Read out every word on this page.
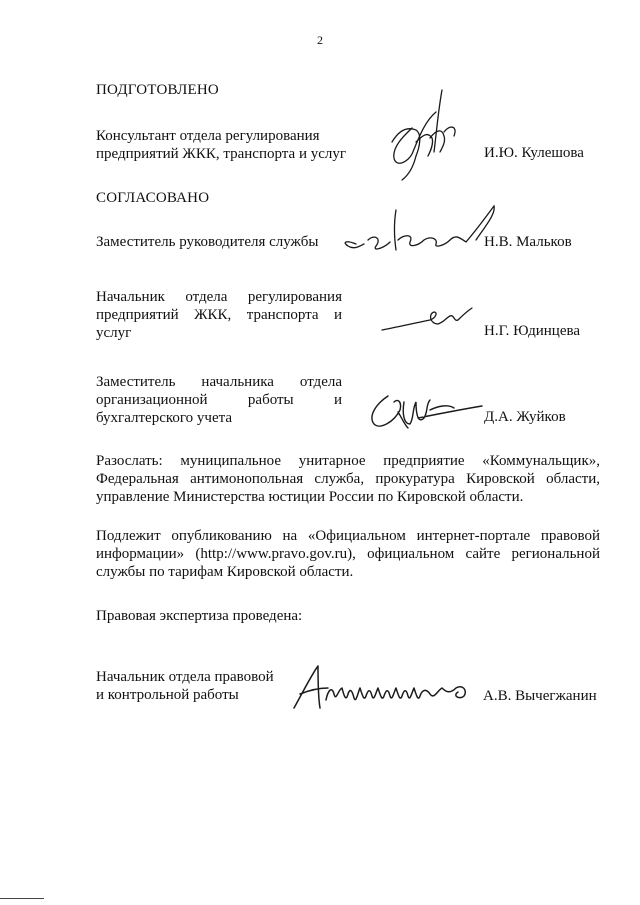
2
ПОДГОТОВЛЕНО
Консультант отдела регулирования предприятий ЖКК, транспорта и услуг	И.Ю. Кулешова
СОГЛАСОВАНО
Заместитель руководителя службы	Н.В. Мальков
Начальник отдела регулирования
предприятий ЖКК, транспорта и
услуг	Н.Г. Юдинцева
Заместитель начальника отдела
организационной работы и
бухгалтерского учета	Д.А. Жуйков
Разослать: муниципальное унитарное предприятие «Коммунальщик», Федеральная антимонопольная служба, прокуратура Кировской области, управление Министерства юстиции России по Кировской области.
Подлежит опубликованию на «Официальном интернет-портале правовой информации» (http://www.pravo.gov.ru), официальном сайте региональной службы по тарифам Кировской области.
Правовая экспертиза проведена:
Начальник отдела правовой
и контрольной работы	А.В. Вычегжанин
